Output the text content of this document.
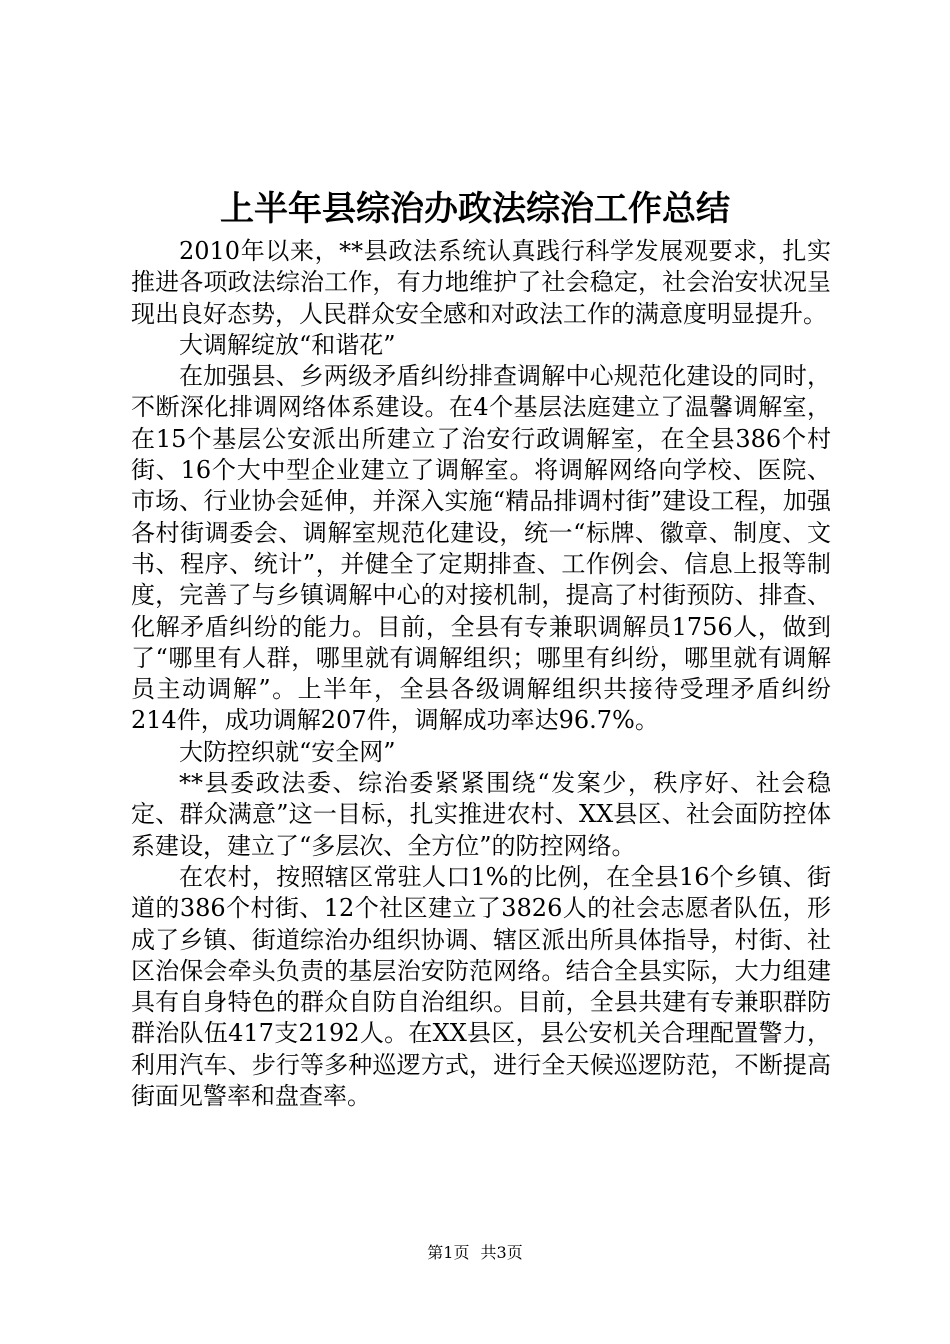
上半年县综治办政法综治工作总结

2010年以来，**县政法系统认真践行科学发展观要求，扎实推进各项政法综治工作，有力地维护了社会稳定，社会治安状况呈现出良好态势，人民群众安全感和对政法工作的满意度明显提升。

大调解绽放“和谐花”

在加强县、乡两级矛盾纠纷排查调解中心规范化建设的同时，不断深化排调网络体系建设。在4个基层法庭建立了温馨调解室，在15个基层公安派出所建立了治安行政调解室，在全县386个村街、16个大中型企业建立了调解室。将调解网络向学校、医院、市场、行业协会延伸，并深入实施“精品排调村街”建设工程，加强各村街调委会、调解室规范化建设，统一“标牌、徽章、制度、文书、程序、统计”，并健全了定期排查、工作例会、信息上报等制度，完善了与乡镇调解中心的对接机制，提高了村街预防、排查、化解矛盾纠纷的能力。目前，全县有专兼职调解员1756人，做到了“哪里有人群，哪里就有调解组织；哪里有纠纷，哪里就有调解员主动调解”。上半年，全县各级调解组织共接待受理矛盾纠纷214件，成功调解207件，调解成功率达96.7%。

大防控织就“安全网”

**县委政法委、综治委紧紧围绕“发案少，秩序好、社会稳定、群众满意”这一目标，扎实推进农村、XX县区、社会面防控体系建设，建立了“多层次、全方位”的防控网络。

在农村，按照辖区常驻人口1%的比例，在全县16个乡镇、街道的386个村街、12个社区建立了3826人的社会志愿者队伍，形成了乡镇、街道综治办组织协调、辖区派出所具体指导，村街、社区治保会牵头负责的基层治安防范网络。结合全县实际，大力组建具有自身特色的群众自防自治组织。目前，全县共建有专兼职群防群治队伍417支2192人。在XX县区，县公安机关合理配置警力，利用汽车、步行等多种巡逻方式，进行全天候巡逻防范，不断提高街面见警率和盘查率。

第1页 共3页
